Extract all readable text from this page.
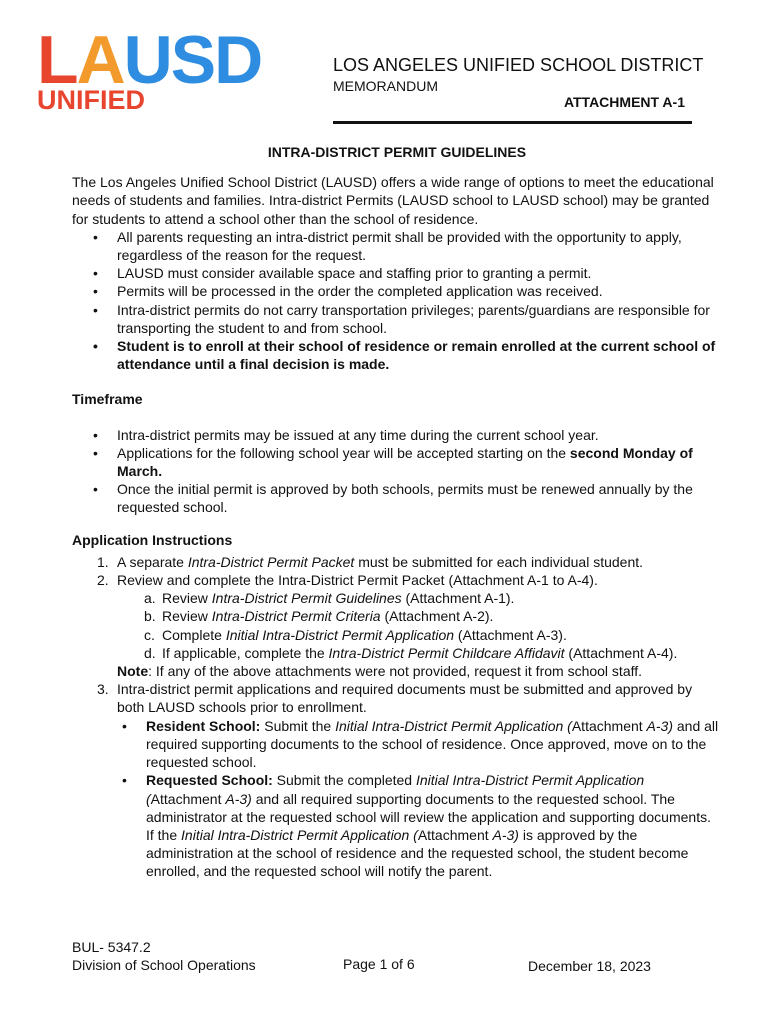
LAUSD
UNIFIED
LOS ANGELES UNIFIED SCHOOL DISTRICT
MEMORANDUM
ATTACHMENT A-1
INTRA-DISTRICT PERMIT GUIDELINES

The Los Angeles Unified School District (LAUSD) offers a wide range of options to meet the educational needs of students and families. Intra-district Permits (LAUSD school to LAUSD school) may be granted for students to attend a school other than the school of residence.

• All parents requesting an intra-district permit shall be provided with the opportunity to apply, regardless of the reason for the request.
• LAUSD must consider available space and staffing prior to granting a permit.
• Permits will be processed in the order the completed application was received.
• Intra-district permits do not carry transportation privileges; parents/guardians are responsible for transporting the student to and from school.
• Student is to enroll at their school of residence or remain enrolled at the current school of attendance until a final decision is made.
Timeframe
• Intra-district permits may be issued at any time during the current school year.
• Applications for the following school year will be accepted starting on the second Monday of March.
• Once the initial permit is approved by both schools, permits must be renewed annually by the requested school.
Application Instructions
1. A separate Intra-District Permit Packet must be submitted for each individual student.
2. Review and complete the Intra-District Permit Packet (Attachment A-1 to A-4).
a. Review Intra-District Permit Guidelines (Attachment A-1).
b. Review Intra-District Permit Criteria (Attachment A-2).
c. Complete Initial Intra-District Permit Application (Attachment A-3).
d. If applicable, complete the Intra-District Permit Childcare Affidavit (Attachment A-4).

Note: If any of the above attachments were not provided, request it from school staff.

3. Intra-district permit applications and required documents must be submitted and approved by both LAUSD schools prior to enrollment.
• Resident School: Submit the Initial Intra-District Permit Application (Attachment A-3) and all required supporting documents to the school of residence. Once approved, move on to the requested school.
• Requested School: Submit the completed Initial Intra-District Permit Application (Attachment A-3) and all required supporting documents to the requested school. The administrator at the requested school will review the application and supporting documents. If the Initial Intra-District Permit Application (Attachment A-3) is approved by the administration at the school of residence and the requested school, the student become enrolled, and the requested school will notify the parent.
BUL- 5347.2
Division of School Operations	Page 1 of 6	December 18, 2023
